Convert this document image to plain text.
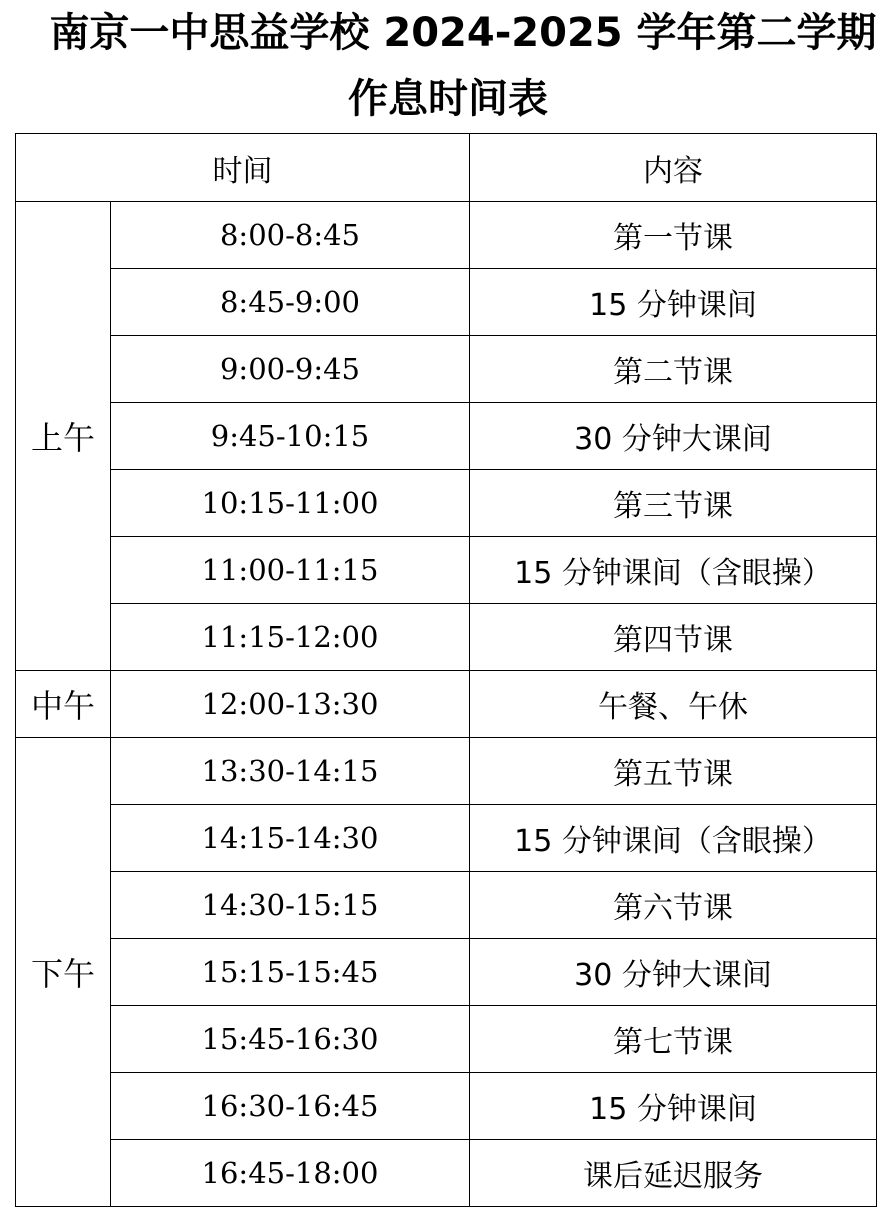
南京一中思益学校 2024-2025 学年第二学期
作息时间表
时间		内容
上午	8:00-8:45	第一节课
	8:45-9:00	15 分钟课间
	9:00-9:45	第二节课
	9:45-10:15	30 分钟大课间
	10:15-11:00	第三节课
	11:00-11:15	15 分钟课间（含眼操）
	11:15-12:00	第四节课
中午	12:00-13:30	午餐、午休
下午	13:30-14:15	第五节课
	14:15-14:30	15 分钟课间（含眼操）
	14:30-15:15	第六节课
	15:15-15:45	30 分钟大课间
	15:45-16:30	第七节课
	16:30-16:45	15 分钟课间
	16:45-18:00	课后延迟服务
